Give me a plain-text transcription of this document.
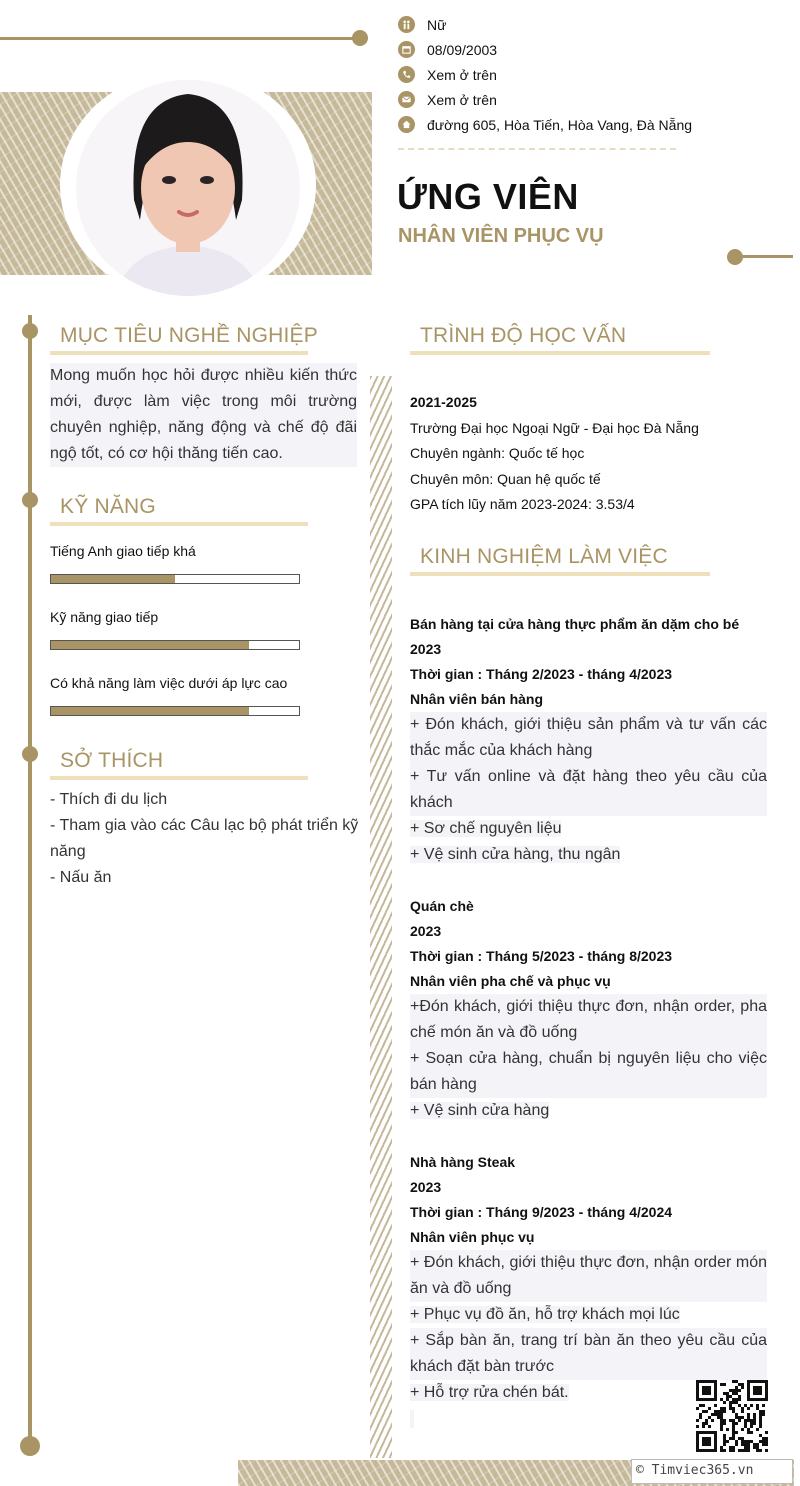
Nữ
08/09/2003
Xem ở trên
Xem ở trên
đường 605, Hòa Tiến, Hòa Vang, Đà Nẵng
ỨNG VIÊN
NHÂN VIÊN PHỤC VỤ
MỤC TIÊU NGHỀ NGHIỆP
Mong muốn học hỏi được nhiều kiến thức mới, được làm việc trong môi trường chuyên nghiệp, năng động và chế độ đãi ngộ tốt, có cơ hội thăng tiến cao.
KỸ NĂNG
Tiếng Anh giao tiếp khá
Kỹ năng giao tiếp
Có khả năng làm việc dưới áp lực cao
SỞ THÍCH
- Thích đi du lịch
- Tham gia vào các Câu lạc bộ phát triển kỹ năng
- Nấu ăn
TRÌNH ĐỘ HỌC VẤN
2021-2025
Trường Đại học Ngoại Ngữ - Đại học Đà Nẵng
Chuyên ngành: Quốc tế học
Chuyên môn: Quan hệ quốc tế
GPA tích lũy năm 2023-2024: 3.53/4
KINH NGHIỆM LÀM VIỆC
Bán hàng tại cửa hàng thực phẩm ăn dặm cho bé
2023
Thời gian : Tháng 2/2023 - tháng 4/2023
Nhân viên bán hàng
+ Đón khách, giới thiệu sản phẩm và tư vấn các thắc mắc của khách hàng
+ Tư vấn online và đặt hàng theo yêu cầu của khách
+ Sơ chế nguyên liệu
+ Vệ sinh cửa hàng, thu ngân
Quán chè
2023
Thời gian : Tháng 5/2023 - tháng 8/2023
Nhân viên pha chế và phục vụ
+Đón khách, giới thiệu thực đơn, nhận order, pha chế món ăn và đồ uống
+ Soạn cửa hàng, chuẩn bị nguyên liệu cho việc bán hàng
+ Vệ sinh cửa hàng
Nhà hàng Steak
2023
Thời gian : Tháng 9/2023 - tháng 4/2024
Nhân viên phục vụ
+ Đón khách, giới thiệu thực đơn, nhận order món ăn và đồ uống
+ Phục vụ đồ ăn, hỗ trợ khách mọi lúc
+ Sắp bàn ăn, trang trí bàn ăn theo yêu cầu của khách đặt bàn trước
+ Hỗ trợ rửa chén bát.
© Timviec365.vn
